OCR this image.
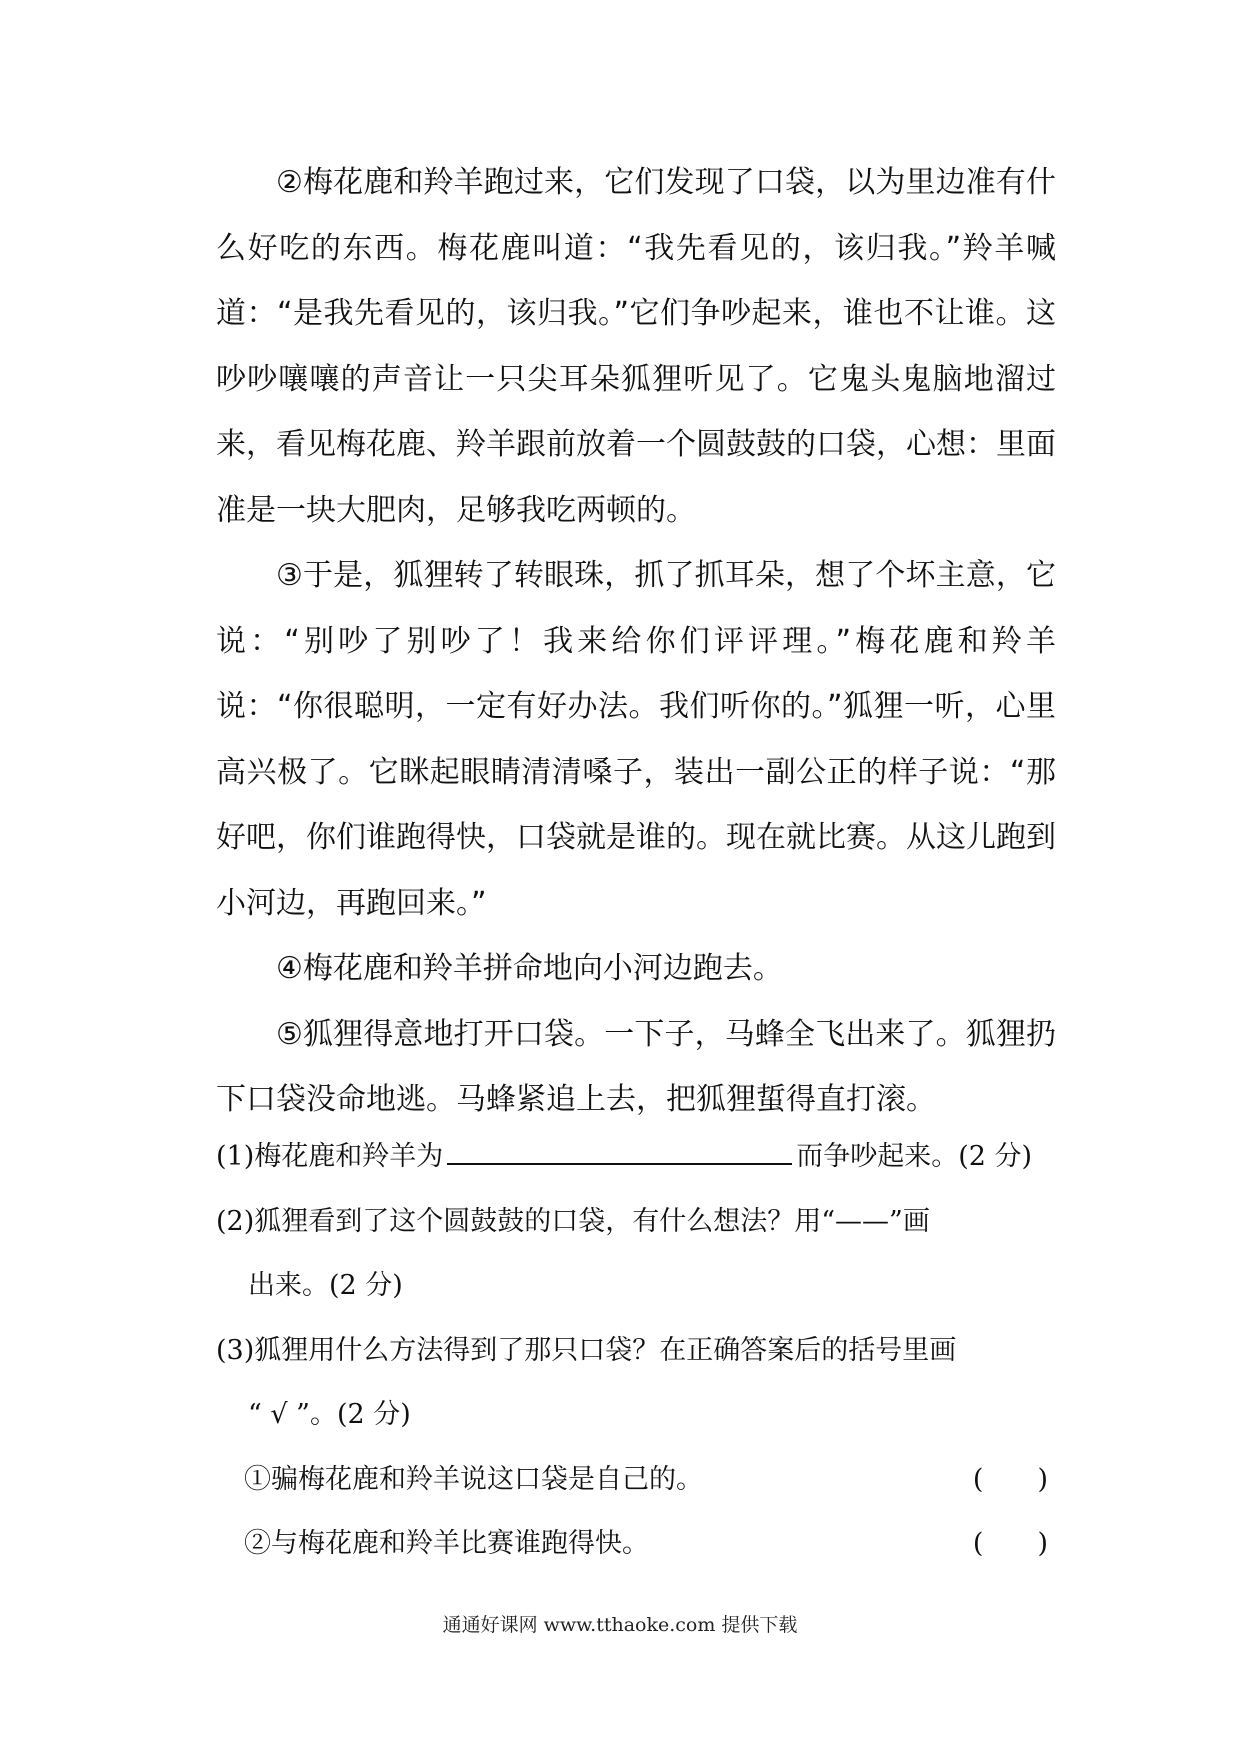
②梅花鹿和羚羊跑过来，它们发现了口袋，以为里边准有什么好吃的东西。梅花鹿叫道：“我先看见的，该归我。”羚羊喊道：“是我先看见的，该归我。”它们争吵起来，谁也不让谁。这吵吵嚷嚷的声音让一只尖耳朵狐狸听见了。它鬼头鬼脑地溜过来，看见梅花鹿、羚羊跟前放着一个圆鼓鼓的口袋，心想：里面准是一块大肥肉，足够我吃两顿的。

③于是，狐狸转了转眼珠，抓了抓耳朵，想了个坏主意，它说：“别吵了别吵了！我来给你们评评理。”梅花鹿和羚羊说：“你很聪明，一定有好办法。我们听你的。”狐狸一听，心里高兴极了。它眯起眼睛清清嗓子，装出一副公正的样子说：“那好吧，你们谁跑得快，口袋就是谁的。现在就比赛。从这儿跑到小河边，再跑回来。”

④梅花鹿和羚羊拼命地向小河边跑去。

⑤狐狸得意地打开口袋。一下子，马蜂全飞出来了。狐狸扔下口袋没命地逃。马蜂紧追上去，把狐狸蜇得直打滚。

(1)梅花鹿和羚羊为	而争吵起来。(2 分)
(2)狐狸看到了这个圆鼓鼓的口袋，有什么想法？用“——”画
出来。(2 分)
(3)狐狸用什么方法得到了那只口袋？在正确答案后的括号里画
“ √ ”。(2 分)
①骗梅花鹿和羚羊说这口袋是自己的。	(　　)
②与梅花鹿和羚羊比赛谁跑得快。	(　　)
通通好课网 www.tthaoke.com 提供下载
